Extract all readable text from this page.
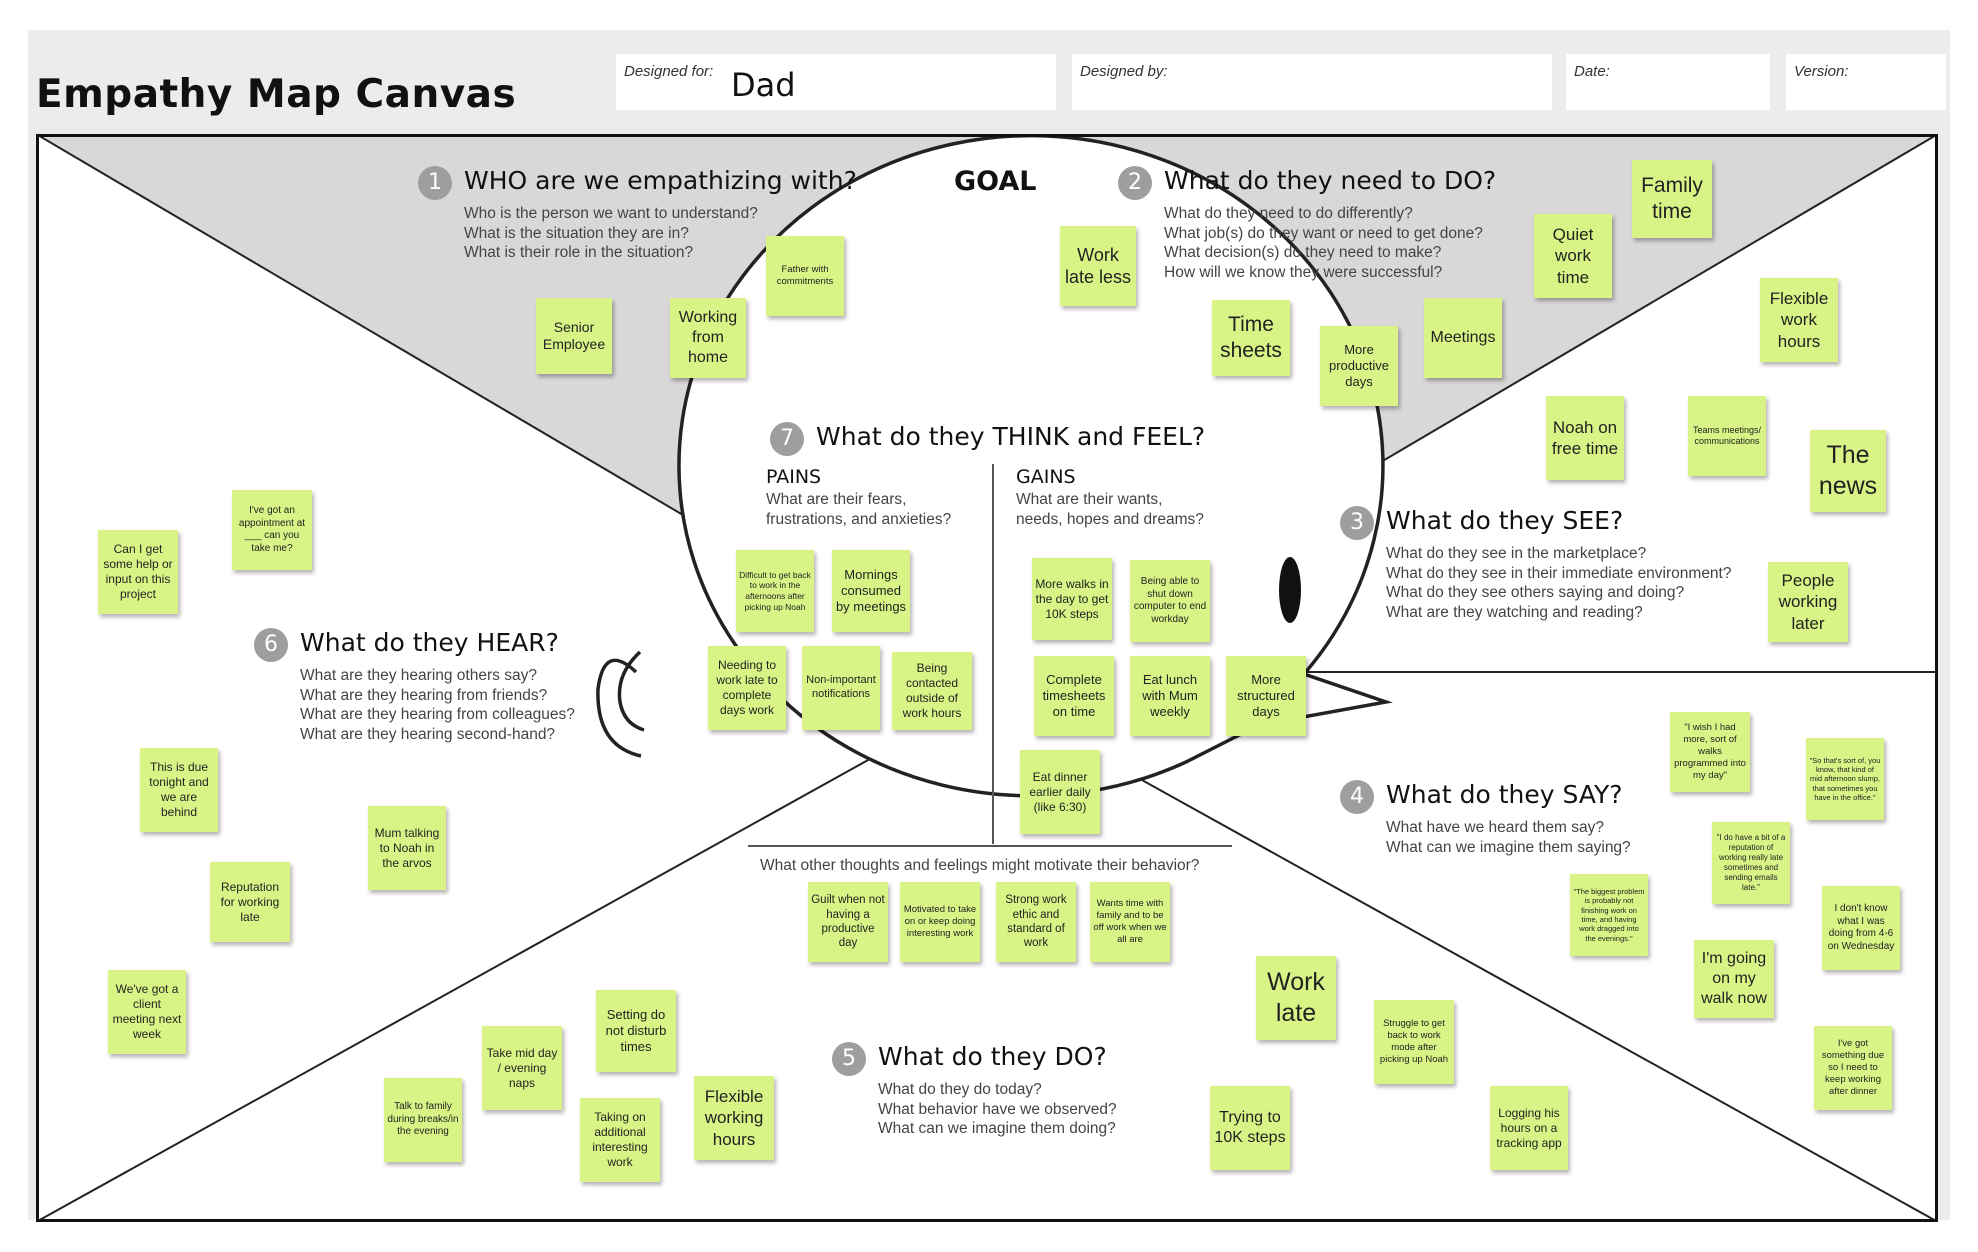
Empathy Map Canvas
Designed for: Dad	Designed by:	Date:	Version:
GOAL
1 WHO are we empathizing with?
Who is the person we want to understand?
What is the situation they are in?
What is their role in the situation?
2 What do they need to DO?
What do they need to do differently?
What job(s) do they want or need to get done?
What decision(s) do they need to make?
How will we know they were successful?
3 What do they SEE?
What do they see in the marketplace?
What do they see in their immediate environment?
What do they see others saying and doing?
What are they watching and reading?
4 What do they SAY?
What have we heard them say?
What can we imagine them saying?
5 What do they DO?
What do they do today?
What behavior have we observed?
What can we imagine them doing?
6 What do they HEAR?
What are they hearing others say?
What are they hearing from friends?
What are they hearing from colleagues?
What are they hearing second-hand?
7 What do they THINK and FEEL?
PAINS
What are their fears,
frustrations, and anxieties?
GAINS
What are their wants,
needs, hopes and dreams?
What other thoughts and feelings might motivate their behavior?
Senior Employee
Working from home
Father with commitments
Work late less
Time sheets	More productive days
Meetings
Quiet work time
Family time
Flexible work hours
Noah on free time
Teams meetings/ communications	The news
People working later
"I wish I had more, sort of walks programmed into my day"
"So that's sort of, you know, that kind of mid afternoon slump, that sometimes you have in the office."
"I do have a bit of a reputation of working really late sometimes and sending emails late."
"The biggest problem is probably not finishing work on time, and having work dragged into the evenings."
I don't know what I was doing from 4-6 on Wednesday
I'm going on my walk now
I've got something due so I need to keep working after dinner
Work late	Struggle to get back to work mode after picking up Noah
Trying to 10K steps
Logging his hours on a tracking app
Setting do not disturb times
Take mid day / evening naps
Talk to family during breaks/in the evening
Taking on additional interesting work
Flexible working hours
I've got an appointment at ___ can you take me?
Can I get some help or input on this project
This is due tonight and we are behind
Mum talking to Noah in the arvos
Reputation for working late
We've got a client meeting next week
Difficult to get back to work in the afternoons after picking up Noah
Mornings consumed by meetings
Needing to work late to complete days work
Non-important notifications
Being contacted outside of work hours
More walks in the day to get 10K steps
Being able to shut down computer to end workday
Complete timesheets on time
Eat lunch with Mum weekly
More structured days
Eat dinner earlier daily (like 6:30)
Guilt when not having a productive day
Motivated to take on or keep doing interesting work
Strong work ethic and standard of work
Wants time with family and to be off work when we all are
